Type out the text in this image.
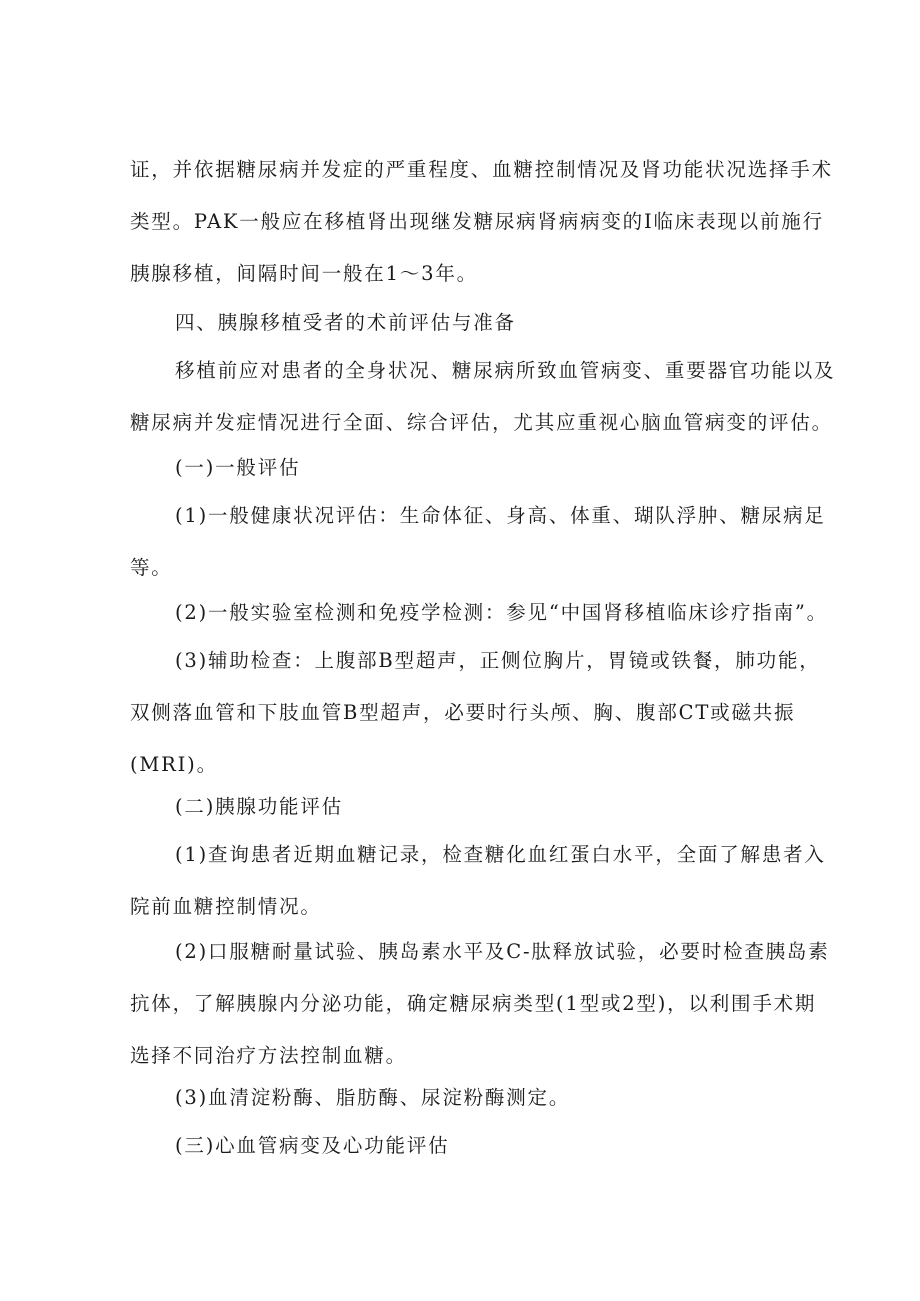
证，并依据糖尿病并发症的严重程度、血糖控制情况及肾功能状况选择手术
类型。PAK一般应在移植肾出现继发糖尿病肾病病变的Ⅰ临床表现以前施行
胰腺移植，间隔时间一般在1～3年。

四、胰腺移植受者的术前评估与准备

移植前应对患者的全身状况、糖尿病所致血管病变、重要器官功能以及
糖尿病并发症情况进行全面、综合评估，尤其应重视心脑血管病变的评估。

(一)一般评估

(1)一般健康状况评估：生命体征、身高、体重、瑚队浮肿、糖尿病足
等。

(2)一般实验室检测和免疫学检测：参见“中国肾移植临床诊疗指南”。

(3)辅助检查：上腹部B型超声，正侧位胸片，胃镜或铁餐，肺功能，
双侧落血管和下肢血管B型超声，必要时行头颅、胸、腹部CT或磁共振
(MRI)。

(二)胰腺功能评估

(1)查询患者近期血糖记录，检查糖化血红蛋白水平，全面了解患者入
院前血糖控制情况。

(2)口服糖耐量试验、胰岛素水平及C-肽释放试验，必要时检查胰岛素
抗体，了解胰腺内分泌功能，确定糖尿病类型(1型或2型)，以利围手术期
选择不同治疗方法控制血糖。

(3)血清淀粉酶、脂肪酶、尿淀粉酶测定。

(三)心血管病变及心功能评估
